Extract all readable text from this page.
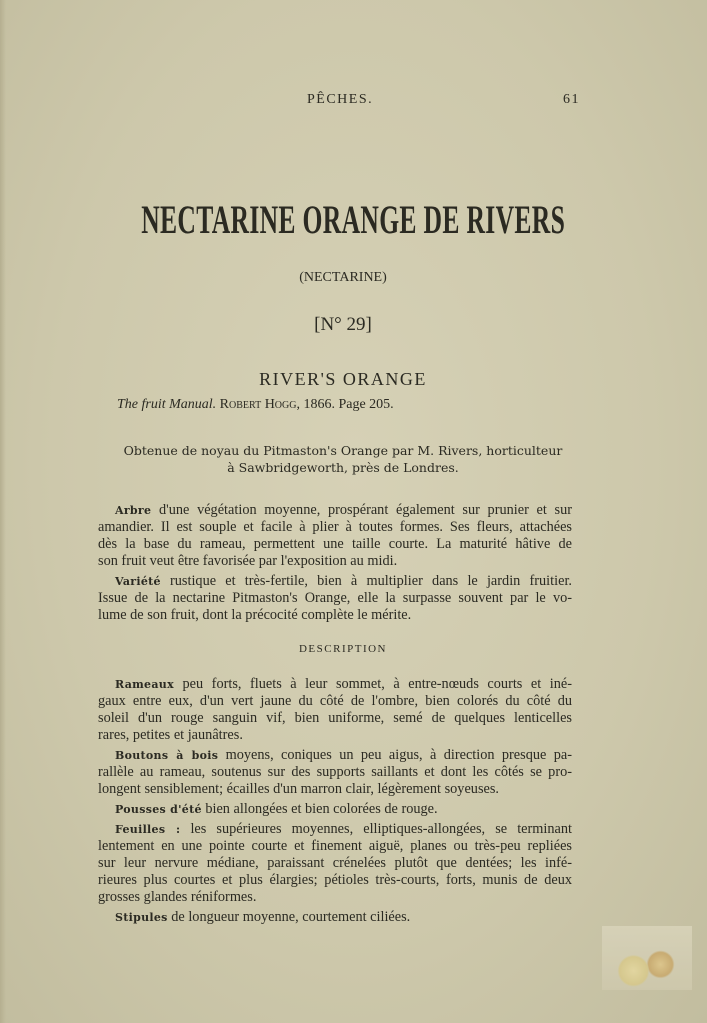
PÊCHES.	61
NECTARINE ORANGE DE RIVERS
(NECTARINE)
[N° 29]
RIVER'S ORANGE
The fruit Manual. Robert Hogg, 1866. Page 205.
Obtenue de noyau du Pitmaston's Orange par M. Rivers, horticulteur
à Sawbridgeworth, près de Londres.
Arbre d'une végétation moyenne, prospérant également sur prunier et sur
amandier. Il est souple et facile à plier à toutes formes. Ses fleurs, attachées
dès la base du rameau, permettent une taille courte. La maturité hâtive de
son fruit veut être favorisée par l'exposition au midi.
Variété rustique et très-fertile, bien à multiplier dans le jardin fruitier.
Issue de la nectarine Pitmaston's Orange, elle la surpasse souvent par le vo-
lume de son fruit, dont la précocité complète le mérite.
DESCRIPTION
Rameaux peu forts, fluets à leur sommet, à entre-nœuds courts et iné-
gaux entre eux, d'un vert jaune du côté de l'ombre, bien colorés du côté du
soleil d'un rouge sanguin vif, bien uniforme, semé de quelques lenticelles
rares, petites et jaunâtres.
Boutons à bois moyens, coniques un peu aigus, à direction presque pa-
rallèle au rameau, soutenus sur des supports saillants et dont les côtés se pro-
longent sensiblement; écailles d'un marron clair, légèrement soyeuses.
Pousses d'été bien allongées et bien colorées de rouge.
Feuilles : les supérieures moyennes, elliptiques-allongées, se terminant
lentement en une pointe courte et finement aiguë, planes ou très-peu repliées
sur leur nervure médiane, paraissant crénelées plutôt que dentées; les infé-
rieures plus courtes et plus élargies; pétioles très-courts, forts, munis de deux
grosses glandes réniformes.
Stipules de longueur moyenne, courtement ciliées.
